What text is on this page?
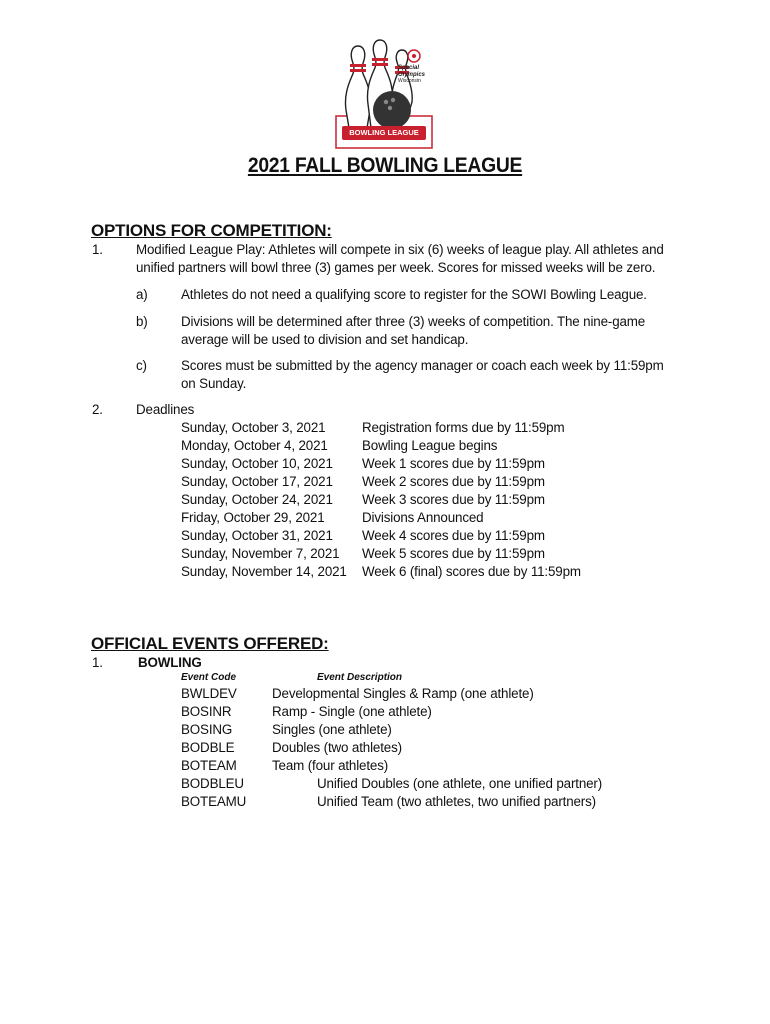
Special
Olympics
Wisconsin
BOWLING LEAGUE
2021 FALL BOWLING LEAGUE
OPTIONS FOR COMPETITION:
1. Modified League Play: Athletes will compete in six (6) weeks of league play. All athletes and unified partners will bowl three (3) games per week. Scores for missed weeks will be zero.
a) Athletes do not need a qualifying score to register for the SOWI Bowling League.
b) Divisions will be determined after three (3) weeks of competition. The nine-game average will be used to division and set handicap.
c)	Scores must be submitted by the agency manager or coach each week by 11:59pm on Sunday.
2. Deadlines
Sunday, October 3, 2021	Registration forms due by 11:59pm
Monday, October 4, 2021	Bowling League begins
Sunday, October 10, 2021 Week 1 scores due by 11:59pm
Sunday, October 17, 2021 Week 2 scores due by 11:59pm
Sunday, October 24, 2021 Week 3 scores due by 11:59pm
Friday, October 29, 2021	Divisions Announced
Sunday, October 31, 2021 Week 4 scores due by 11:59pm
Sunday, November 7, 2021 Week 5 scores due by 11:59pm
Sunday, November 14, 2021 Week 6 (final) scores due by 11:59pm
OFFICIAL EVENTS OFFERED:
1.	BOWLING
Event Code	Event Description
BWLDEV	Developmental Singles & Ramp (one athlete)
BOSINR	Ramp - Single (one athlete)
BOSING	Singles (one athlete)
BODBLE	Doubles (two athletes)
BOTEAM	Team (four athletes)
BODBLEU	Unified Doubles (one athlete, one unified partner)
BOTEAMU	Unified Team (two athletes, two unified partners)
